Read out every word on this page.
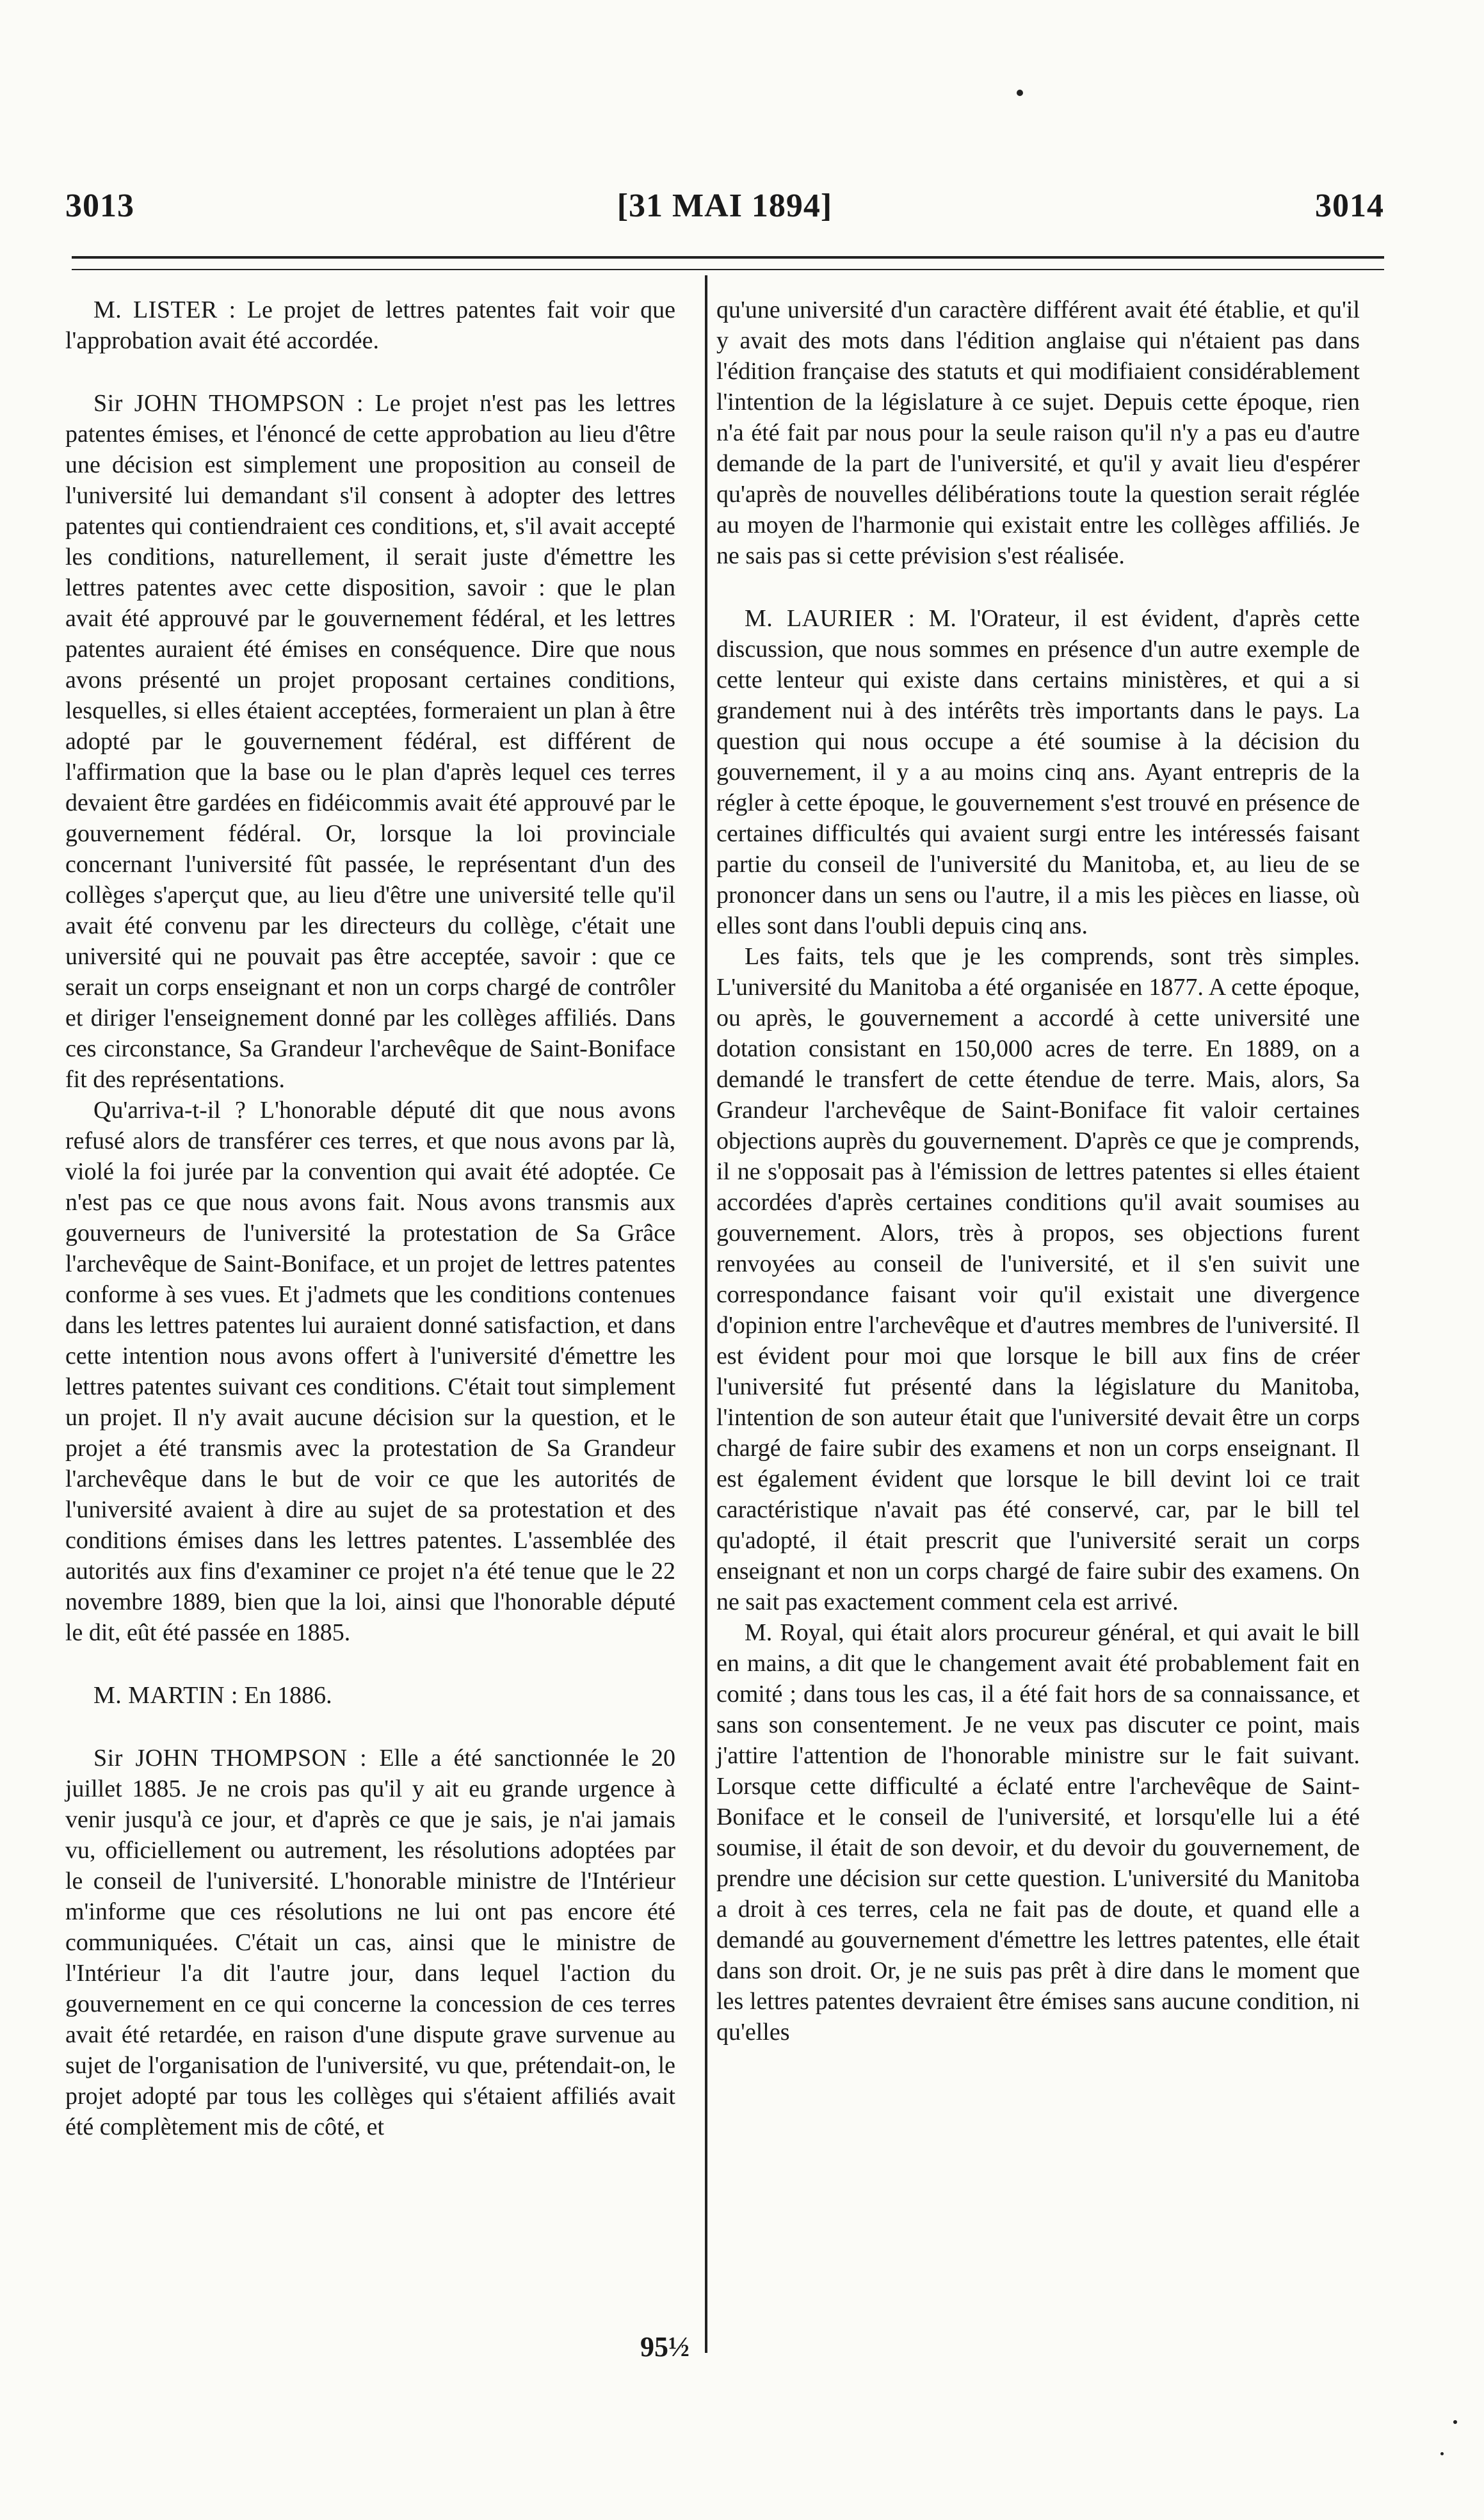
3013	[31 MAI 1894]	3014

M. LISTER : Le projet de lettres patentes fait voir que l'approbation avait été accordée.

Sir JOHN THOMPSON : Le projet n'est pas les lettres patentes émises, et l'énoncé de cette approbation au lieu d'être une décision est simplement une proposition au conseil de l'université lui demandant s'il consent à adopter des lettres patentes qui contiendraient ces conditions, et, s'il avait accepté les conditions, naturellement, il serait juste d'émettre les lettres patentes avec cette disposition, savoir : que le plan avait été approuvé par le gouvernement fédéral, et les lettres patentes auraient été émises en conséquence. Dire que nous avons présenté un projet proposant certaines conditions, lesquelles, si elles étaient acceptées, formeraient un plan à être adopté par le gouvernement fédéral, est différent de l'affirmation que la base ou le plan d'après lequel ces terres devaient être gardées en fidéicommis avait été approuvé par le gouvernement fédéral. Or, lorsque la loi provinciale concernant l'université fût passée, le représentant d'un des collèges s'aperçut que, au lieu d'être une université telle qu'il avait été convenu par les directeurs du collège, c'était une université qui ne pouvait pas être acceptée, savoir : que ce serait un corps enseignant et non un corps chargé de contrôler et diriger l'enseignement donné par les collèges affiliés. Dans ces circonstance, Sa Grandeur l'archevêque de Saint-Boniface fit des représentations.

Qu'arriva-t-il ? L'honorable député dit que nous avons refusé alors de transférer ces terres, et que nous avons par là, violé la foi jurée par la convention qui avait été adoptée. Ce n'est pas ce que nous avons fait. Nous avons transmis aux gouverneurs de l'université la protestation de Sa Grâce l'archevêque de Saint-Boniface, et un projet de lettres patentes conforme à ses vues. Et j'admets que les conditions contenues dans les lettres patentes lui auraient donné satisfaction, et dans cette intention nous avons offert à l'université d'émettre les lettres patentes suivant ces conditions. C'était tout simplement un projet. Il n'y avait aucune décision sur la question, et le projet a été transmis avec la protestation de Sa Grandeur l'archevêque dans le but de voir ce que les autorités de l'université avaient à dire au sujet de sa protestation et des conditions émises dans les lettres patentes. L'assemblée des autorités aux fins d'examiner ce projet n'a été tenue que le 22 novembre 1889, bien que la loi, ainsi que l'honorable député le dit, eût été passée en 1885.

M. MARTIN : En 1886.

Sir JOHN THOMPSON : Elle a été sanctionnée le 20 juillet 1885. Je ne crois pas qu'il y ait eu grande urgence à venir jusqu'à ce jour, et d'après ce que je sais, je n'ai jamais vu, officiellement ou autrement, les résolutions adoptées par le conseil de l'université. L'honorable ministre de l'Intérieur m'informe que ces résolutions ne lui ont pas encore été communiquées. C'était un cas, ainsi que le ministre de l'Intérieur l'a dit l'autre jour, dans lequel l'action du gouvernement en ce qui concerne la concession de ces terres avait été retardée, en raison d'une dispute grave survenue au sujet de l'organisation de l'université, vu que, prétendait-on, le projet adopté par tous les collèges qui s'étaient affiliés avait été complètement mis de côté, et

qu'une université d'un caractère différent avait été établie, et qu'il y avait des mots dans l'édition anglaise qui n'étaient pas dans l'édition française des statuts et qui modifiaient considérablement l'intention de la législature à ce sujet. Depuis cette époque, rien n'a été fait par nous pour la seule raison qu'il n'y a pas eu d'autre demande de la part de l'université, et qu'il y avait lieu d'espérer qu'après de nouvelles délibérations toute la question serait réglée au moyen de l'harmonie qui existait entre les collèges affiliés. Je ne sais pas si cette prévision s'est réalisée.

M. LAURIER : M. l'Orateur, il est évident, d'après cette discussion, que nous sommes en présence d'un autre exemple de cette lenteur qui existe dans certains ministères, et qui a si grandement nui à des intérêts très importants dans le pays. La question qui nous occupe a été soumise à la décision du gouvernement, il y a au moins cinq ans. Ayant entrepris de la régler à cette époque, le gouvernement s'est trouvé en présence de certaines difficultés qui avaient surgi entre les intéressés faisant partie du conseil de l'université du Manitoba, et, au lieu de se prononcer dans un sens ou l'autre, il a mis les pièces en liasse, où elles sont dans l'oubli depuis cinq ans.

Les faits, tels que je les comprends, sont très simples. L'université du Manitoba a été organisée en 1877. A cette époque, ou après, le gouvernement a accordé à cette université une dotation consistant en 150,000 acres de terre. En 1889, on a demandé le transfert de cette étendue de terre. Mais, alors, Sa Grandeur l'archevêque de Saint-Boniface fit valoir certaines objections auprès du gouvernement. D'après ce que je comprends, il ne s'opposait pas à l'émission de lettres patentes si elles étaient accordées d'après certaines conditions qu'il avait soumises au gouvernement. Alors, très à propos, ses objections furent renvoyées au conseil de l'université, et il s'en suivit une correspondance faisant voir qu'il existait une divergence d'opinion entre l'archevêque et d'autres membres de l'université. Il est évident pour moi que lorsque le bill aux fins de créer l'université fut présenté dans la législature du Manitoba, l'intention de son auteur était que l'université devait être un corps chargé de faire subir des examens et non un corps enseignant. Il est également évident que lorsque le bill devint loi ce trait caractéristique n'avait pas été conservé, car, par le bill tel qu'adopté, il était prescrit que l'université serait un corps enseignant et non un corps chargé de faire subir des examens. On ne sait pas exactement comment cela est arrivé.

M. Royal, qui était alors procureur général, et qui avait le bill en mains, a dit que le changement avait été probablement fait en comité ; dans tous les cas, il a été fait hors de sa connaissance, et sans son consentement. Je ne veux pas discuter ce point, mais j'attire l'attention de l'honorable ministre sur le fait suivant. Lorsque cette difficulté a éclaté entre l'archevêque de Saint-Boniface et le conseil de l'université, et lorsqu'elle lui a été soumise, il était de son devoir, et du devoir du gouvernement, de prendre une décision sur cette question. L'université du Manitoba a droit à ces terres, cela ne fait pas de doute, et quand elle a demandé au gouvernement d'émettre les lettres patentes, elle était dans son droit. Or, je ne suis pas prêt à dire dans le moment que les lettres patentes devraient être émises sans aucune condition, ni qu'elles

95½
